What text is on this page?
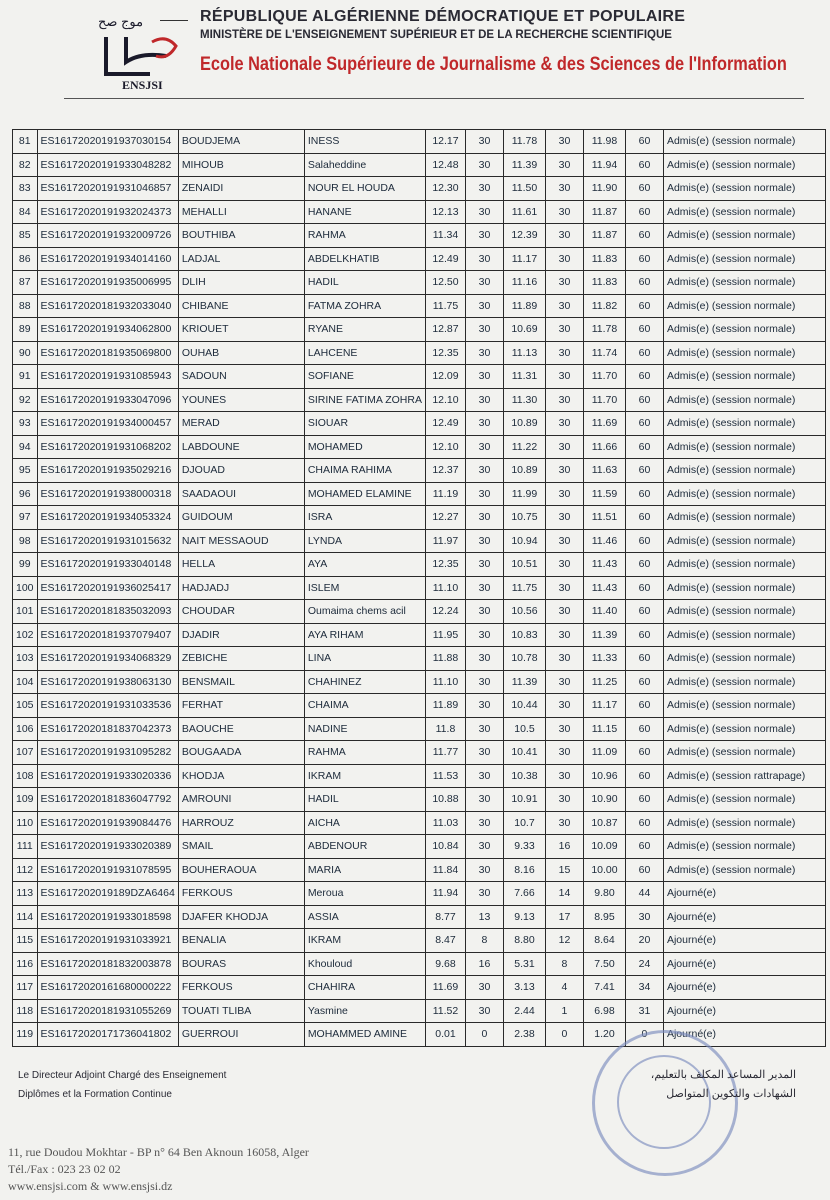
موج صح
ENSJSI
RÉPUBLIQUE ALGÉRIENNE DÉMOCRATIQUE ET POPULAIRE
MINISTÈRE DE L'ENSEIGNEMENT SUPÉRIEUR ET DE LA RECHERCHE SCIENTIFIQUE
Ecole Nationale Supérieure de Journalisme & des Sciences de l'Information
81	ES16172020191937030154	BOUDJEMA	INESS	12.17	30	11.78	30	11.98	60	Admis(e) (session normale)
82	ES16172020191933048282	MIHOUB	Salaheddine	12.48	30	11.39	30	11.94	60	Admis(e) (session normale)
83	ES16172020191931046857	ZENAIDI	NOUR EL HOUDA	12.30	30	11.50	30	11.90	60	Admis(e) (session normale)
84	ES16172020191932024373	MEHALLI	HANANE	12.13	30	11.61	30	11.87	60	Admis(e) (session normale)
85	ES16172020191932009726	BOUTHIBA	RAHMA	11.34	30	12.39	30	11.87	60	Admis(e) (session normale)
86	ES16172020191934014160	LADJAL	ABDELKHATIB	12.49	30	11.17	30	11.83	60	Admis(e) (session normale)
87	ES16172020191935006995	DLIH	HADIL	12.50	30	11.16	30	11.83	60	Admis(e) (session normale)
88	ES16172020181932033040	CHIBANE	FATMA ZOHRA	11.75	30	11.89	30	11.82	60	Admis(e) (session normale)
89	ES16172020191934062800	KRIOUET	RYANE	12.87	30	10.69	30	11.78	60	Admis(e) (session normale)
90	ES16172020181935069800	OUHAB	LAHCENE	12.35	30	11.13	30	11.74	60	Admis(e) (session normale)
91	ES16172020191931085943	SADOUN	SOFIANE	12.09	30	11.31	30	11.70	60	Admis(e) (session normale)
92	ES16172020191933047096	YOUNES	SIRINE FATIMA ZOHRA	12.10	30	11.30	30	11.70	60	Admis(e) (session normale)
93	ES16172020191934000457	MERAD	SIOUAR	12.49	30	10.89	30	11.69	60	Admis(e) (session normale)
94	ES16172020191931068202	LABDOUNE	MOHAMED	12.10	30	11.22	30	11.66	60	Admis(e) (session normale)
95	ES16172020191935029216	DJOUAD	CHAIMA RAHIMA	12.37	30	10.89	30	11.63	60	Admis(e) (session normale)
96	ES16172020191938000318	SAADAOUI	MOHAMED ELAMINE	11.19	30	11.99	30	11.59	60	Admis(e) (session normale)
97	ES16172020191934053324	GUIDOUM	ISRA	12.27	30	10.75	30	11.51	60	Admis(e) (session normale)
98	ES16172020191931015632	NAIT MESSAOUD	LYNDA	11.97	30	10.94	30	11.46	60	Admis(e) (session normale)
99	ES16172020191933040148	HELLA	AYA	12.35	30	10.51	30	11.43	60	Admis(e) (session normale)
100	ES16172020191936025417	HADJADJ	ISLEM	11.10	30	11.75	30	11.43	60	Admis(e) (session normale)
101	ES16172020181835032093	CHOUDAR	Oumaima chems acil	12.24	30	10.56	30	11.40	60	Admis(e) (session normale)
102	ES16172020181937079407	DJADIR	AYA RIHAM	11.95	30	10.83	30	11.39	60	Admis(e) (session normale)
103	ES16172020191934068329	ZEBICHE	LINA	11.88	30	10.78	30	11.33	60	Admis(e) (session normale)
104	ES16172020191938063130	BENSMAIL	CHAHINEZ	11.10	30	11.39	30	11.25	60	Admis(e) (session normale)
105	ES16172020191931033536	FERHAT	CHAIMA	11.89	30	10.44	30	11.17	60	Admis(e) (session normale)
106	ES16172020181837042373	BAOUCHE	NADINE	11.8	30	10.5	30	11.15	60	Admis(e) (session normale)
107	ES16172020191931095282	BOUGAADA	RAHMA	11.77	30	10.41	30	11.09	60	Admis(e) (session normale)
108	ES16172020191933020336	KHODJA	IKRAM	11.53	30	10.38	30	10.96	60	Admis(e) (session rattrapage)
109	ES16172020181836047792	AMROUNI	HADIL	10.88	30	10.91	30	10.90	60	Admis(e) (session normale)
110	ES16172020191939084476	HARROUZ	AICHA	11.03	30	10.7	30	10.87	60	Admis(e) (session normale)
111	ES16172020191933020389	SMAIL	ABDENOUR	10.84	30	9.33	16	10.09	60	Admis(e) (session normale)
112	ES16172020191931078595	BOUHERAOUA	MARIA	11.84	30	8.16	15	10.00	60	Admis(e) (session normale)
113	ES1617202019189DZA6464	FERKOUS	Meroua	11.94	30	7.66	14	9.80	44	Ajourné(e)
114	ES16172020191933018598	DJAFER KHODJA	ASSIA	8.77	13	9.13	17	8.95	30	Ajourné(e)
115	ES16172020191931033921	BENALIA	IKRAM	8.47	8	8.80	12	8.64	20	Ajourné(e)
116	ES16172020181832003878	BOURAS	Khouloud	9.68	16	5.31	8	7.50	24	Ajourné(e)
117	ES16172020161680000222	FERKOUS	CHAHIRA	11.69	30	3.13	4	7.41	34	Ajourné(e)
118	ES16172020181931055269	TOUATI TLIBA	Yasmine	11.52	30	2.44	1	6.98	31	Ajourné(e)
119	ES16172020171736041802	GUERROUI	MOHAMMED AMINE	0.01	0	2.38	0	1.20	0	Ajourné(e)
Le Directeur Adjoint Chargé des Enseignement
Diplômes et la Formation Continue
المدير المساعد المكلف بالتعليم،
الشهادات والتكوين المتواصل
11, rue Doudou Mokhtar - BP n° 64 Ben Aknoun 16058, Alger
Tél./Fax : 023 23 02 02
www.ensjsi.com & www.ensjsi.dz
